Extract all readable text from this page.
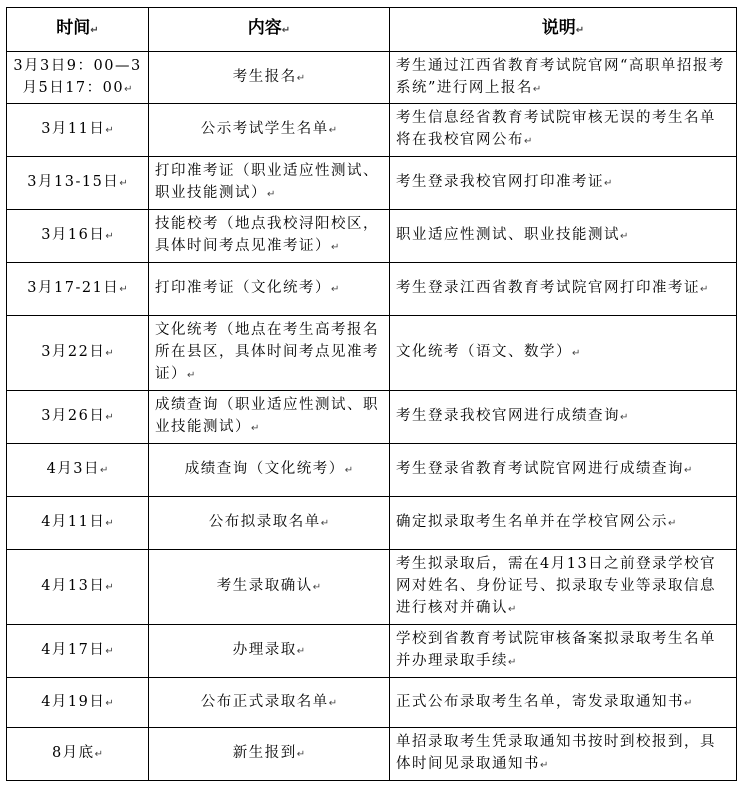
时间↵	内容↵	说明↵
3月3日9：00—3月5日17：00↵	考生报名↵	考生通过江西省教育考试院官网“高职单招报考系统”进行网上报名↵
3月11日↵	公示考试学生名单↵	考生信息经省教育考试院审核无误的考生名单将在我校官网公布↵
3月13-15日↵	打印准考证（职业适应性测试、职业技能测试）↵	考生登录我校官网打印准考证↵
3月16日↵	技能校考（地点我校浔阳校区，具体时间考点见准考证）↵	职业适应性测试、职业技能测试↵
3月17-21日↵	打印准考证（文化统考）↵	考生登录江西省教育考试院官网打印准考证↵
3月22日↵	文化统考（地点在考生高考报名所在县区，具体时间考点见准考证）↵	文化统考（语文、数学）↵
3月26日↵	成绩查询（职业适应性测试、职业技能测试）↵	考生登录我校官网进行成绩查询↵
4月3日↵	成绩查询（文化统考）↵	考生登录省教育考试院官网进行成绩查询↵
4月11日↵	公布拟录取名单↵	确定拟录取考生名单并在学校官网公示↵
4月13日↵	考生录取确认↵	考生拟录取后，需在4月13日之前登录学校官网对姓名、身份证号、拟录取专业等录取信息进行核对并确认↵
4月17日↵	办理录取↵	学校到省教育考试院审核备案拟录取考生名单并办理录取手续↵
4月19日↵	公布正式录取名单↵	正式公布录取考生名单，寄发录取通知书↵
8月底↵	新生报到↵	单招录取考生凭录取通知书按时到校报到，具体时间见录取通知书↵
